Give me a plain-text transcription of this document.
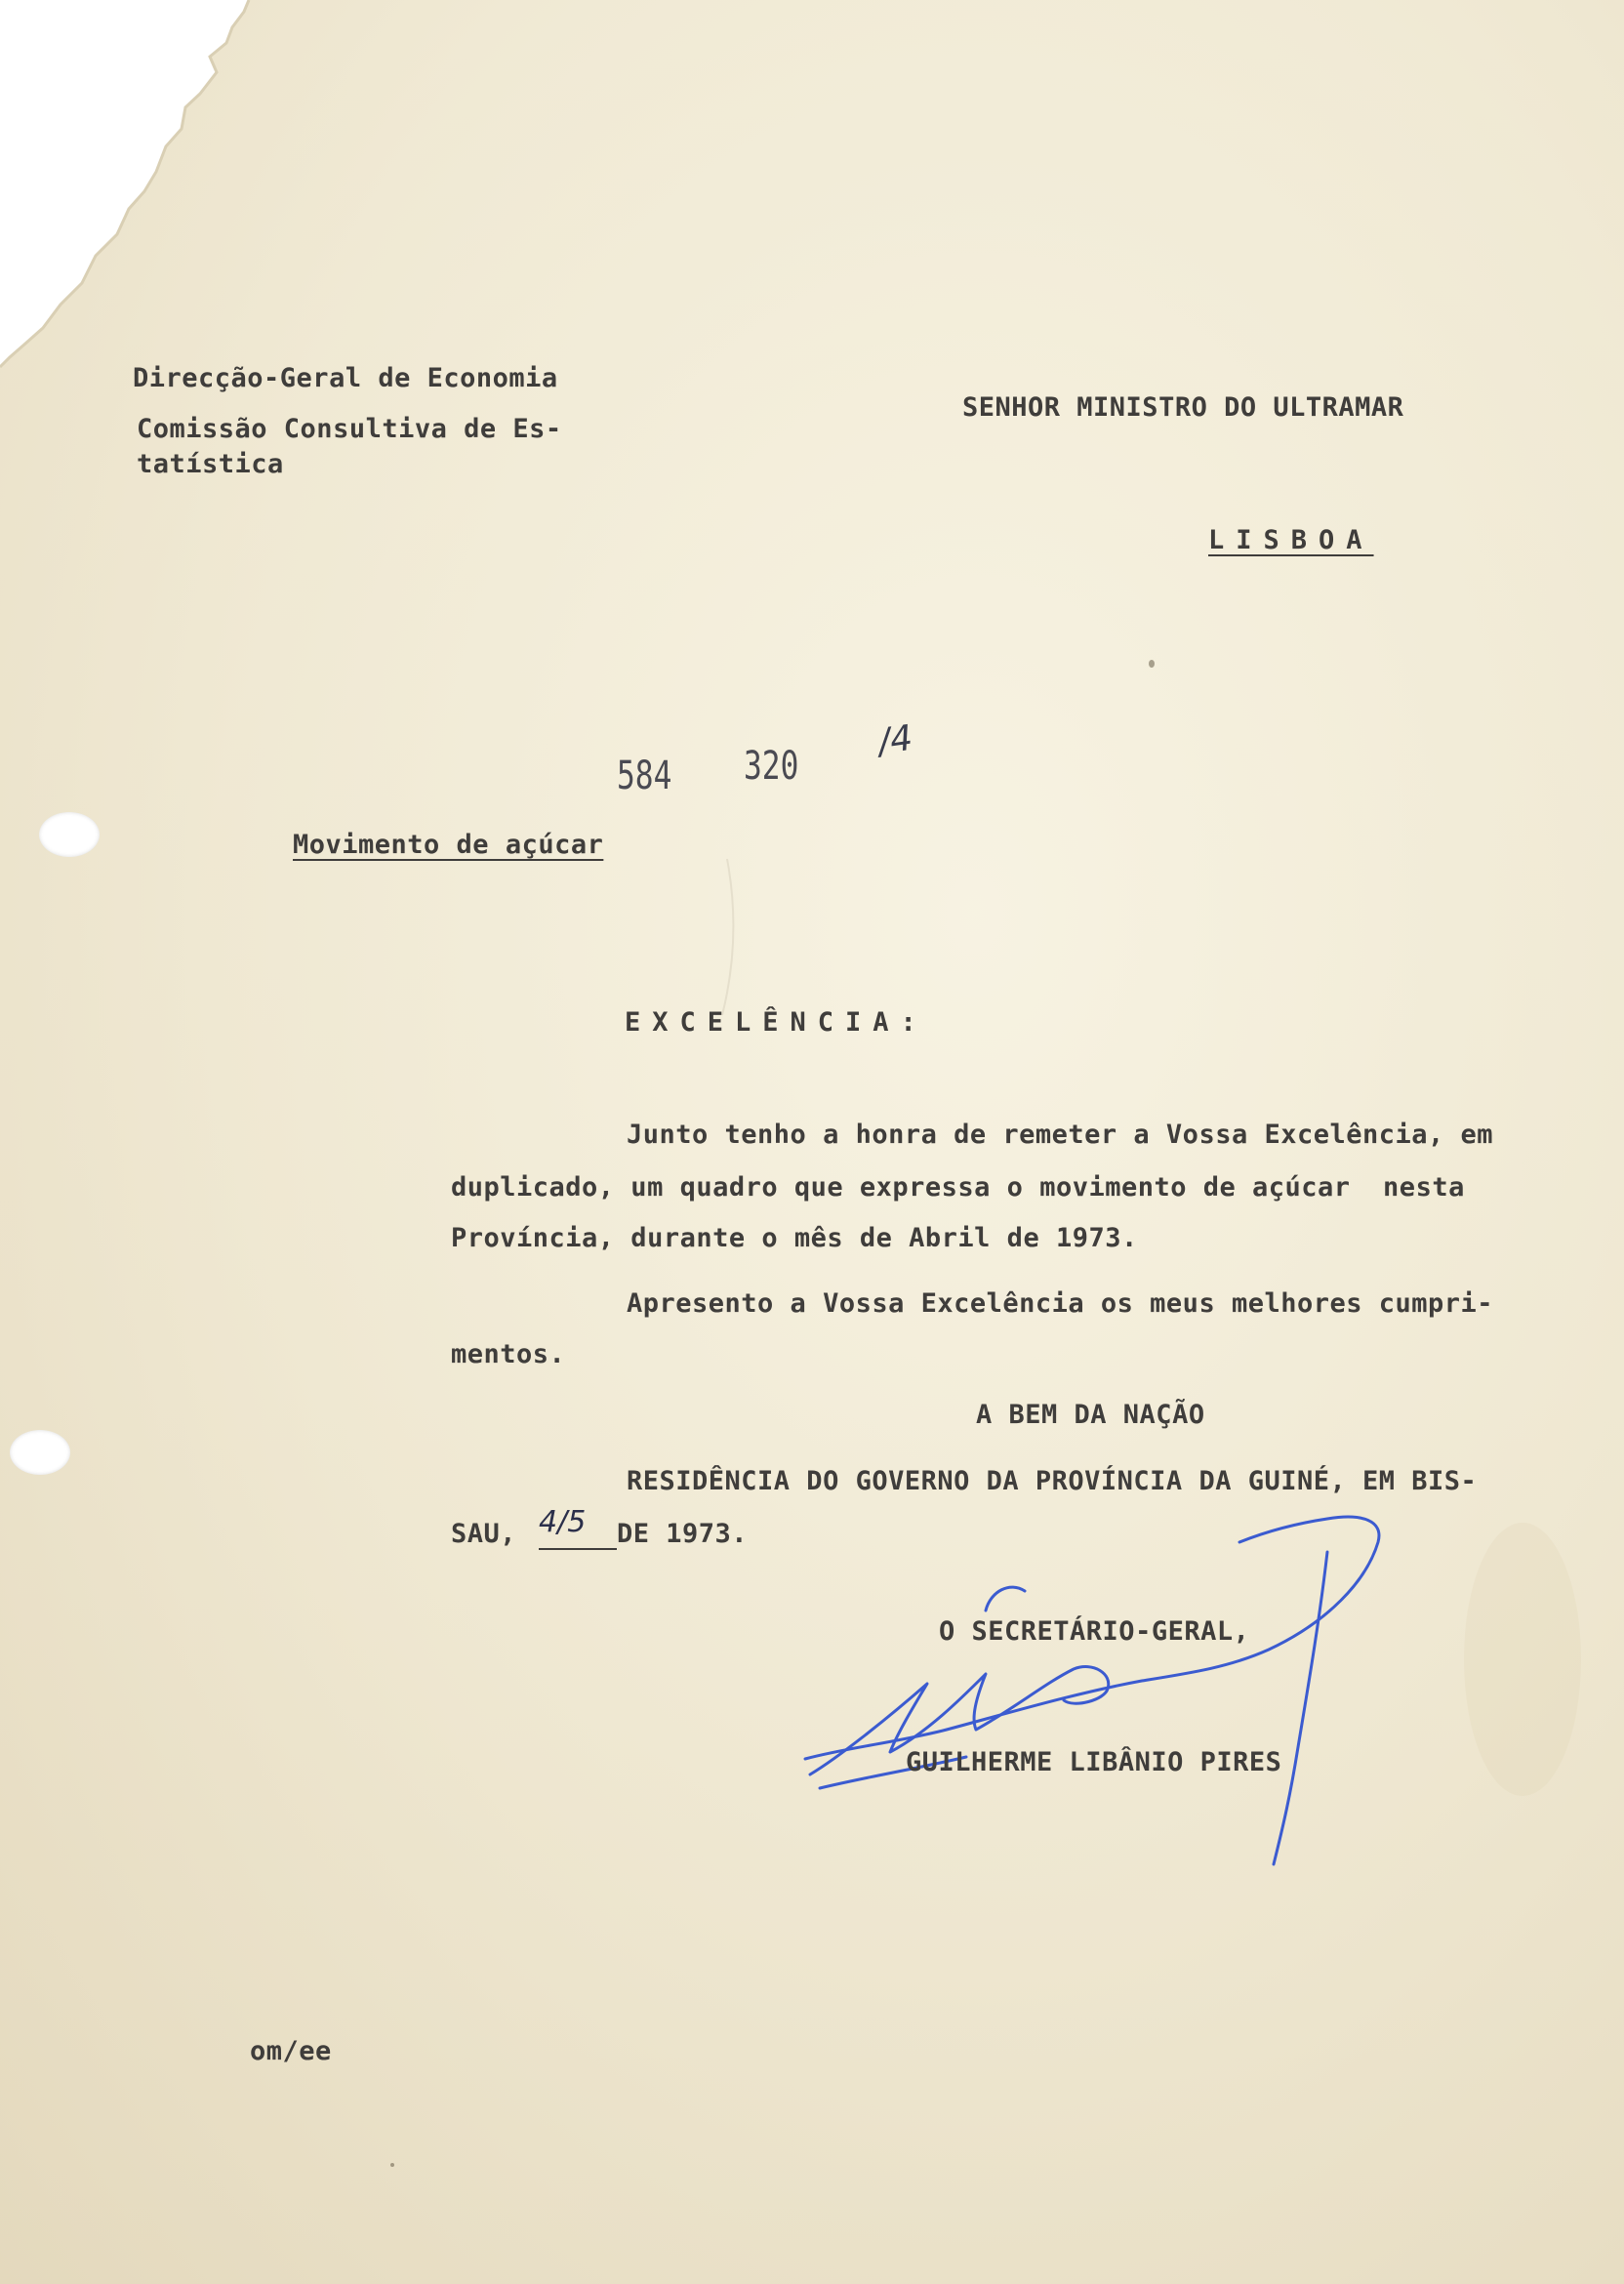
Direcção-Geral de Economia

Comissão Consultiva de Es-

tatística

SENHOR MINISTRO DO ULTRAMAR

LISBOA

584 320
/4

Movimento de açúcar

EXCELÊNCIA:

Junto tenho a honra de remeter a Vossa Excelência, em

duplicado, um quadro que expressa o movimento de açúcar  nesta

Província, durante o mês de Abril de 1973.

Apresento a Vossa Excelência os meus melhores cumpri-

mentos.

A BEM DA NAÇÃO

RESIDÊNCIA DO GOVERNO DA PROVÍNCIA DA GUINÉ, EM BIS-

SAU, 4/5 DE 1973.

O SECRETÁRIO-GERAL,

GUILHERME LIBÂNIO PIRES

om/ee
